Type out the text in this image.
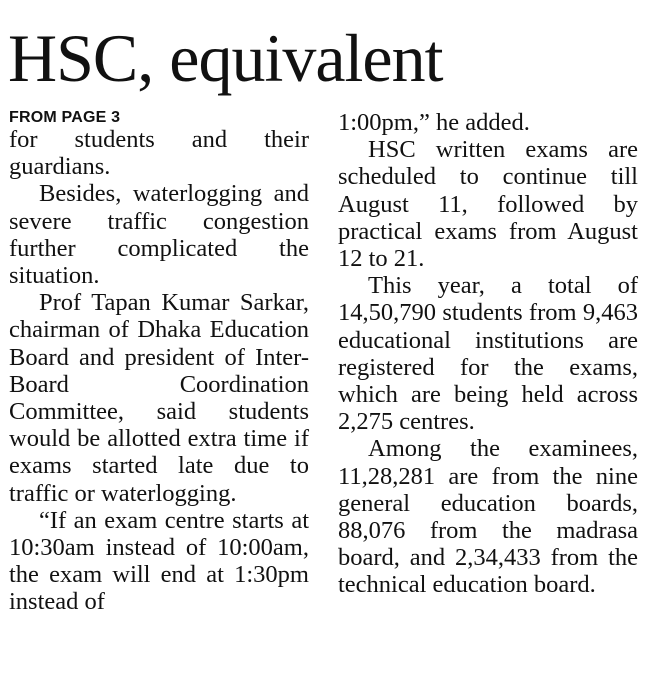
HSC, equivalent
FROM PAGE 3

for students and their guardians.

Besides, waterlogging and severe traffic congestion further complicated the situation.

Prof Tapan Kumar Sarkar, chairman of Dhaka Education Board and president of Inter-Board Coordination Committee, said students would be allotted extra time if exams started late due to traffic or waterlogging.

“If an exam centre starts at 10:30am instead of 10:00am, the exam will end at 1:30pm instead of

1:00pm,” he added.

HSC written exams are scheduled to continue till August 11, followed by practical exams from August 12 to 21.

This year, a total of 14,50,790 students from 9,463 educational institutions are registered for the exams, which are being held across 2,275 centres.

Among the examinees, 11,28,281 are from the nine general education boards, 88,076 from the madrasa board, and 2,34,433 from the technical education board.
